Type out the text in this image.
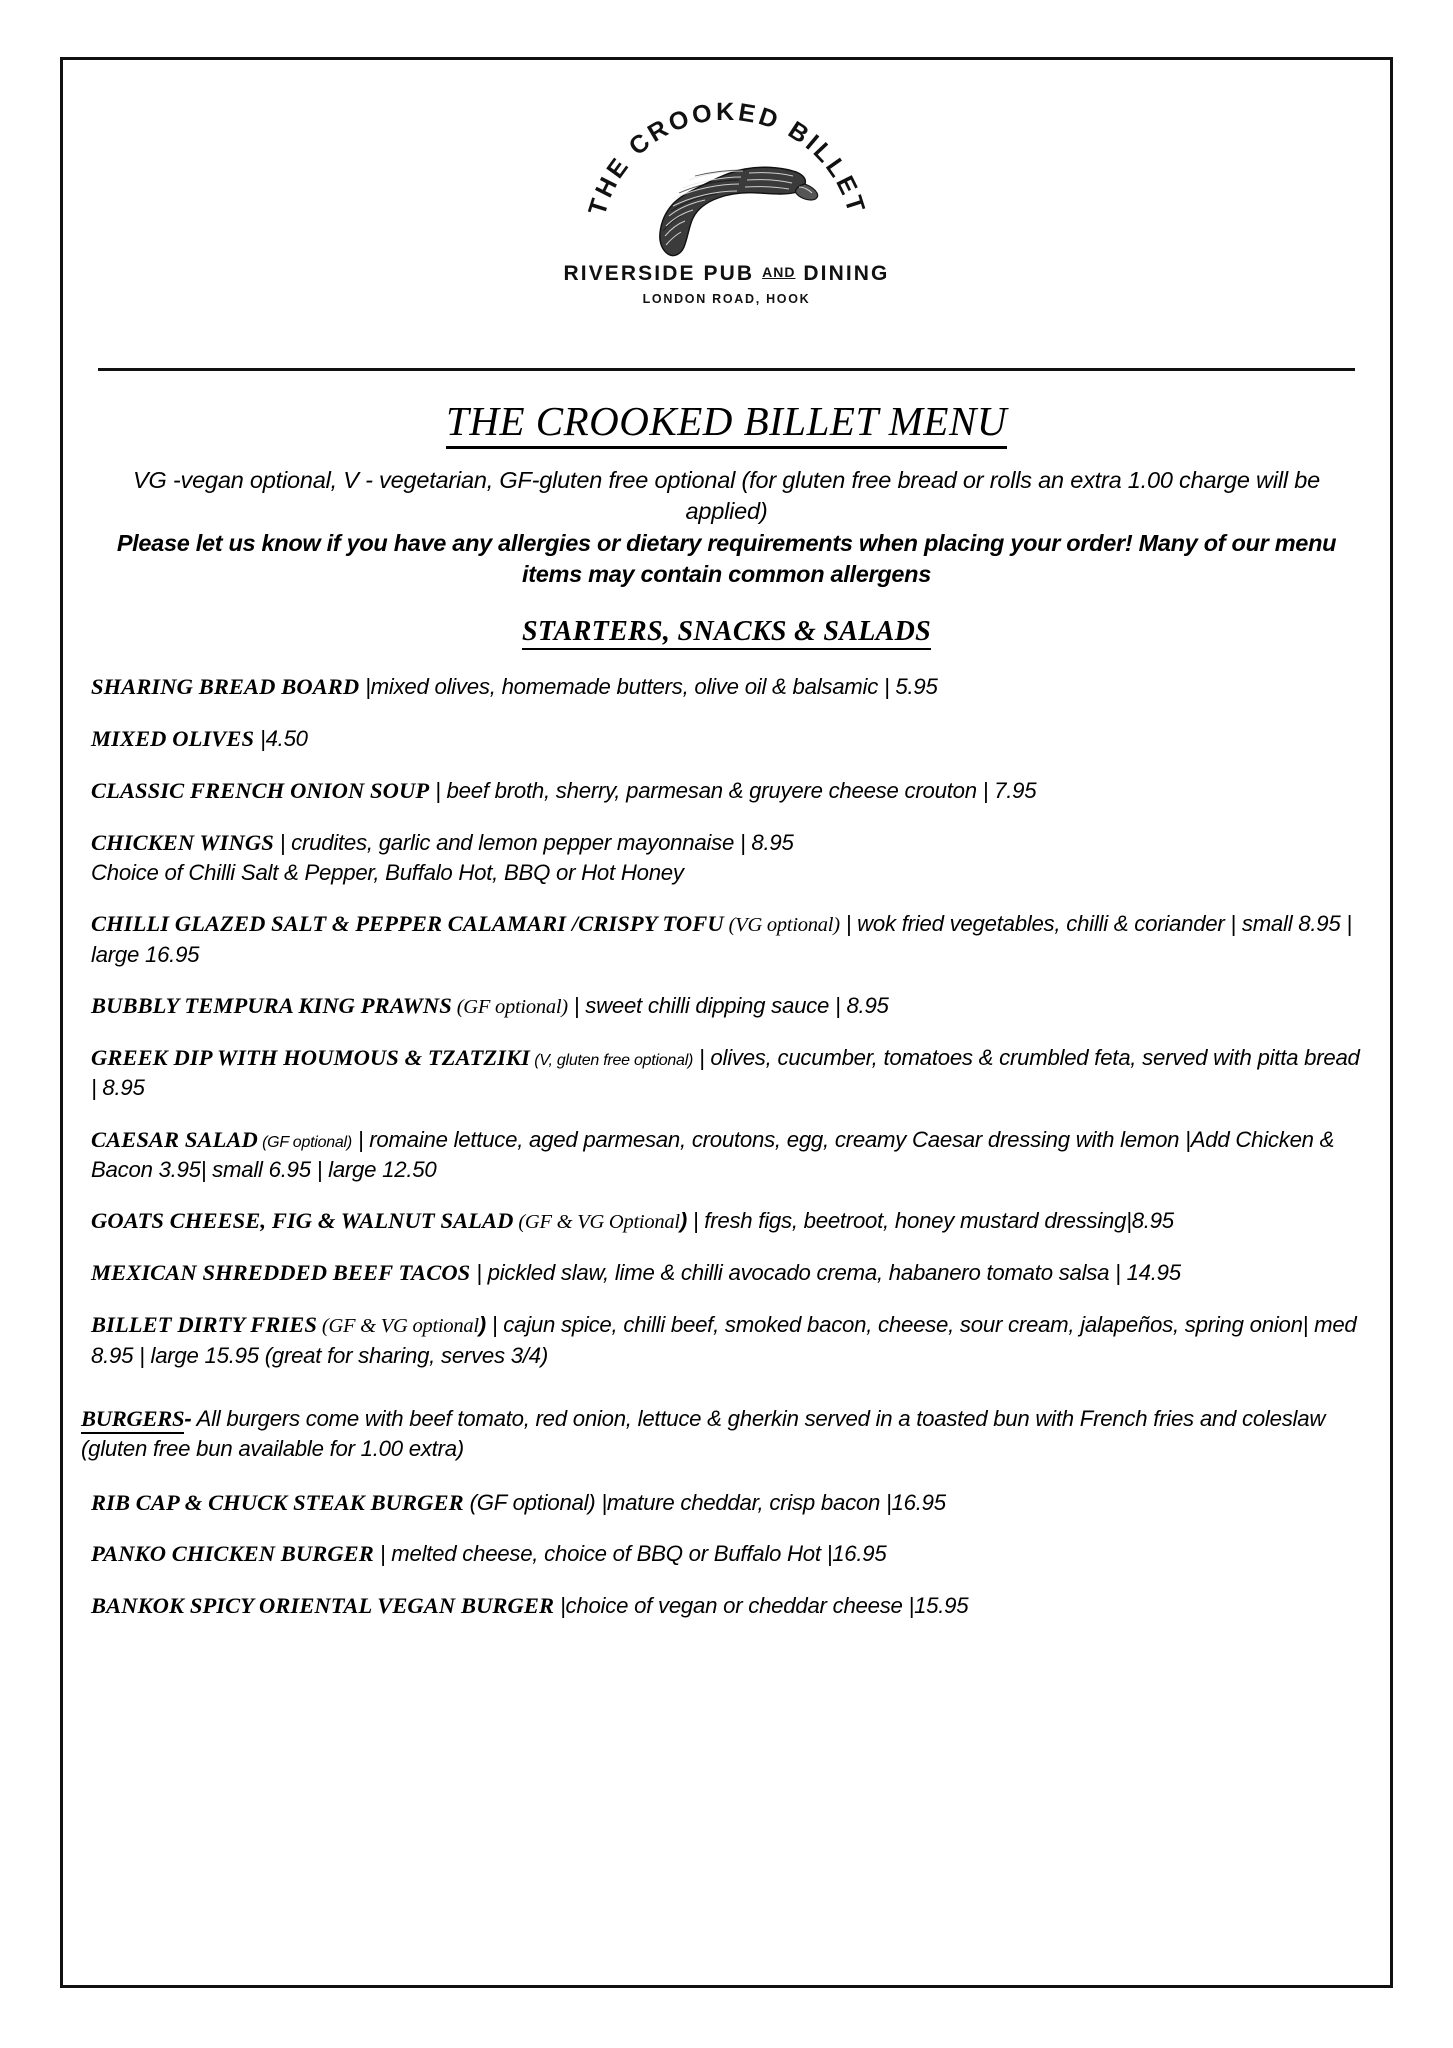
THE CROOKED BILLET
RIVERSIDE PUB AND DINING
LONDON ROAD, HOOK
THE CROOKED BILLET MENU
VG -vegan optional, V - vegetarian, GF-gluten free optional (for gluten free bread or rolls an extra 1.00 charge will be applied)
Please let us know if you have any allergies or dietary requirements when placing your order! Many of our menu items may contain common allergens
STARTERS, SNACKS & SALADS
SHARING BREAD BOARD |mixed olives, homemade butters, olive oil & balsamic | 5.95
MIXED OLIVES |4.50
CLASSIC FRENCH ONION SOUP | beef broth, sherry, parmesan & gruyere cheese crouton | 7.95
CHICKEN WINGS | crudites, garlic and lemon pepper mayonnaise | 8.95
Choice of Chilli Salt & Pepper, Buffalo Hot, BBQ or Hot Honey
CHILLI GLAZED SALT & PEPPER CALAMARI /CRISPY TOFU (VG optional) | wok fried vegetables, chilli & coriander | small 8.95 | large 16.95
BUBBLY TEMPURA KING PRAWNS (GF optional) | sweet chilli dipping sauce | 8.95
GREEK DIP WITH HOUMOUS & TZATZIKI (V, gluten free optional) | olives, cucumber, tomatoes & crumbled feta, served with pitta bread | 8.95
CAESAR SALAD (GF optional) | romaine lettuce, aged parmesan, croutons, egg, creamy Caesar dressing with lemon |Add Chicken & Bacon 3.95| small 6.95 | large 12.50
GOATS CHEESE, FIG & WALNUT SALAD (GF & VG Optional) | fresh figs, beetroot, honey mustard dressing|8.95
MEXICAN SHREDDED BEEF TACOS | pickled slaw, lime & chilli avocado crema, habanero tomato salsa | 14.95
BILLET DIRTY FRIES (GF & VG optional) | cajun spice, chilli beef, smoked bacon, cheese, sour cream, jalapeños, spring onion| med 8.95 | large 15.95 (great for sharing, serves 3/4)
BURGERS- All burgers come with beef tomato, red onion, lettuce & gherkin served in a toasted bun with French fries and coleslaw (gluten free bun available for 1.00 extra)
RIB CAP & CHUCK STEAK BURGER (GF optional) |mature cheddar, crisp bacon |16.95
PANKO CHICKEN BURGER | melted cheese, choice of BBQ or Buffalo Hot |16.95
BANKOK SPICY ORIENTAL VEGAN BURGER |choice of vegan or cheddar cheese |15.95
